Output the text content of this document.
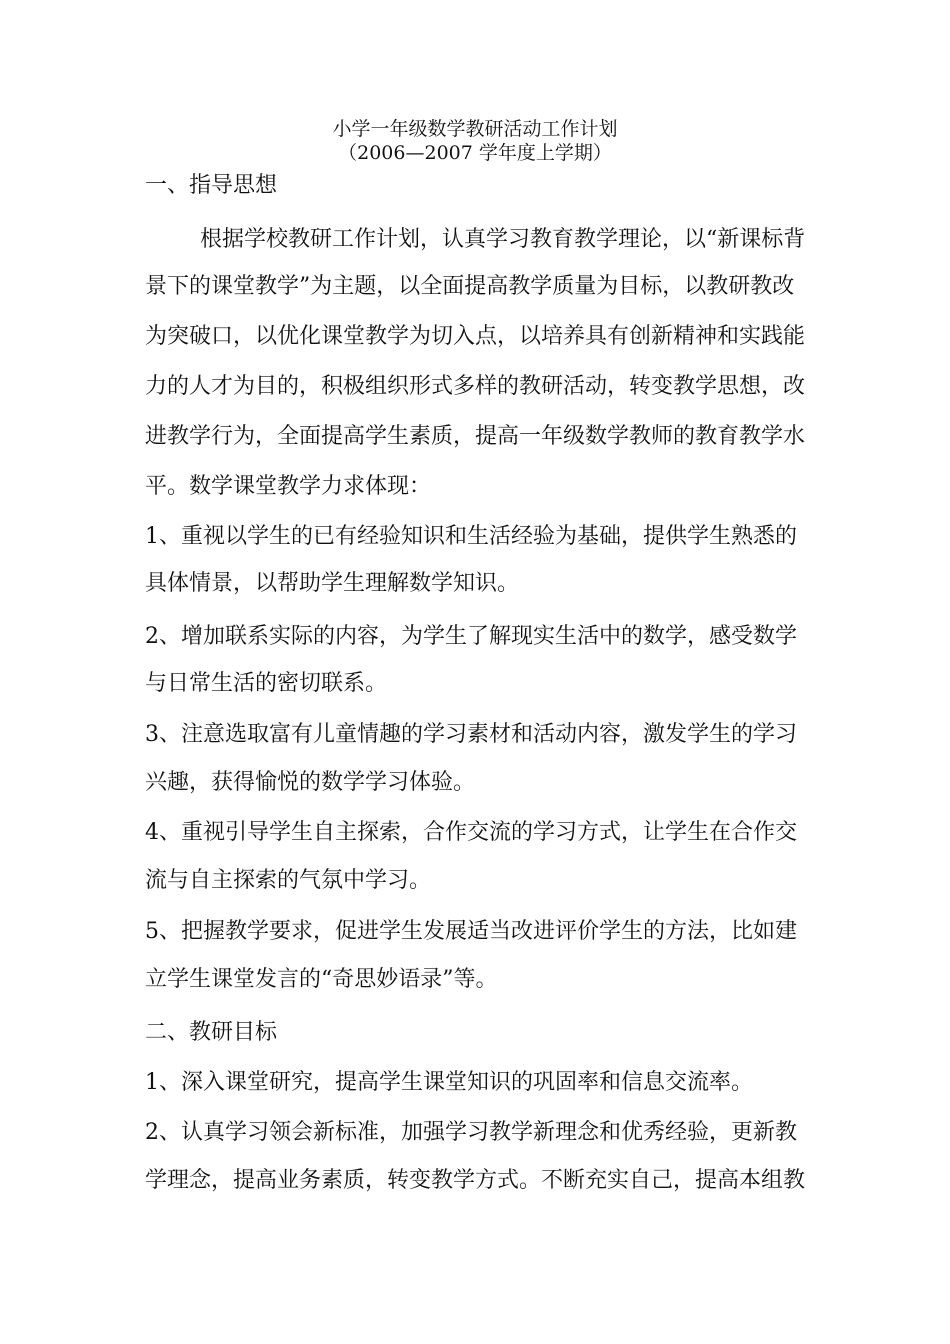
小学一年级数学教研活动工作计划
（2006—2007 学年度上学期）
一、指导思想
根据学校教研工作计划，认真学习教育教学理论，以“新课标背
景下的课堂教学”为主题，以全面提高教学质量为目标，以教研教改
为突破口，以优化课堂教学为切入点，以培养具有创新精神和实践能
力的人才为目的，积极组织形式多样的教研活动，转变教学思想，改
进教学行为，全面提高学生素质，提高一年级数学教师的教育教学水
平。数学课堂教学力求体现：
1、重视以学生的已有经验知识和生活经验为基础，提供学生熟悉的
具体情景，以帮助学生理解数学知识。
2、增加联系实际的内容，为学生了解现实生活中的数学，感受数学
与日常生活的密切联系。
3、注意选取富有儿童情趣的学习素材和活动内容，激发学生的学习
兴趣，获得愉悦的数学学习体验。
4、重视引导学生自主探索，合作交流的学习方式，让学生在合作交
流与自主探索的气氛中学习。
5、把握教学要求，促进学生发展适当改进评价学生的方法，比如建
立学生课堂发言的“奇思妙语录”等。
二、教研目标
1、深入课堂研究，提高学生课堂知识的巩固率和信息交流率。
2、认真学习领会新标准，加强学习教学新理念和优秀经验，更新教
学理念，提高业务素质，转变教学方式。不断充实自己，提高本组教
